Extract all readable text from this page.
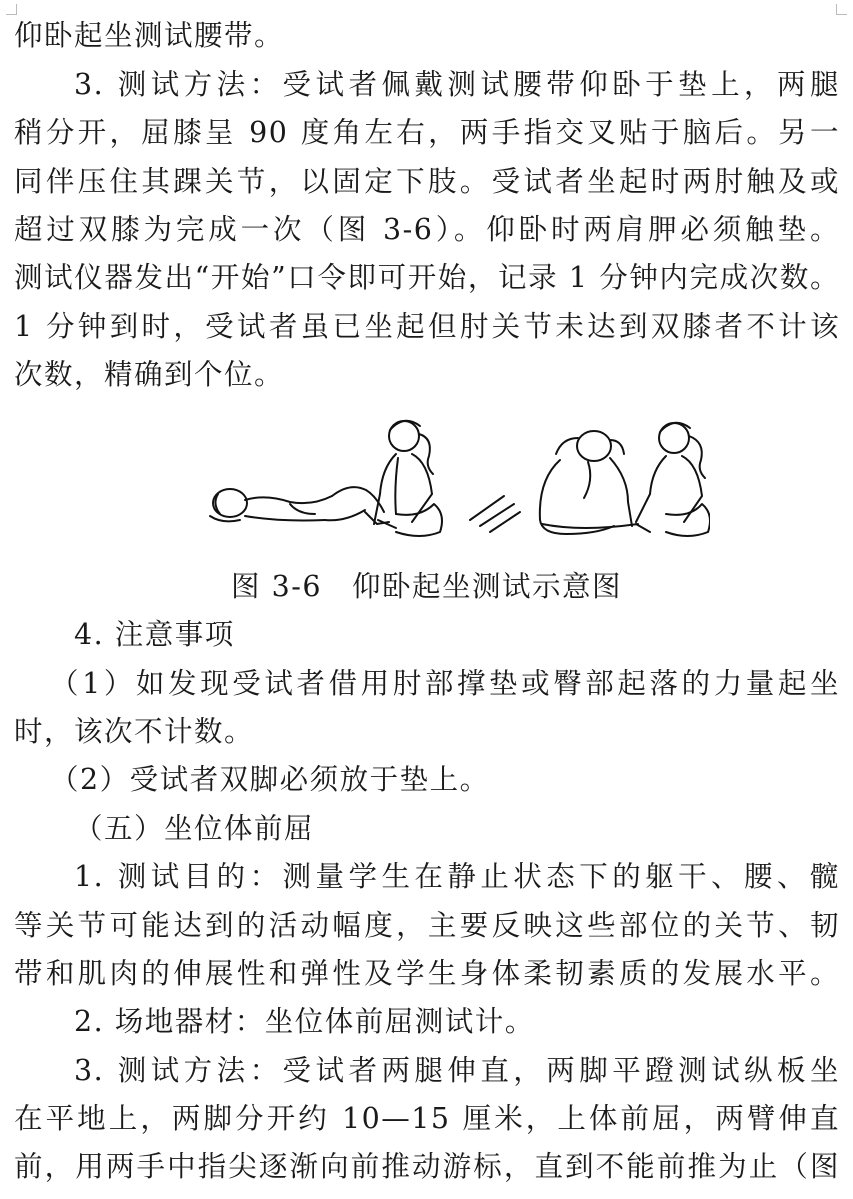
仰卧起坐测试腰带。
3. 测试方法：受试者佩戴测试腰带仰卧于垫上，两腿
稍分开，屈膝呈 90 度角左右，两手指交叉贴于脑后。另一
同伴压住其踝关节，以固定下肢。受试者坐起时两肘触及或
超过双膝为完成一次（图 3-6）。仰卧时两肩胛必须触垫。
测试仪器发出“开始”口令即可开始，记录 1 分钟内完成次数。
1 分钟到时，受试者虽已坐起但肘关节未达到双膝者不计该
次数，精确到个位。
图 3-6　仰卧起坐测试示意图
4. 注意事项
（1）如发现受试者借用肘部撑垫或臀部起落的力量起坐
时，该次不计数。
（2）受试者双脚必须放于垫上。
（五）坐位体前屈
1. 测试目的：测量学生在静止状态下的躯干、腰、髋
等关节可能达到的活动幅度，主要反映这些部位的关节、韧
带和肌肉的伸展性和弹性及学生身体柔韧素质的发展水平。
2. 场地器材：坐位体前屈测试计。
3. 测试方法：受试者两腿伸直，两脚平蹬测试纵板坐
在平地上，两脚分开约 10—15 厘米，上体前屈，两臂伸直
前，用两手中指尖逐渐向前推动游标，直到不能前推为止（图
